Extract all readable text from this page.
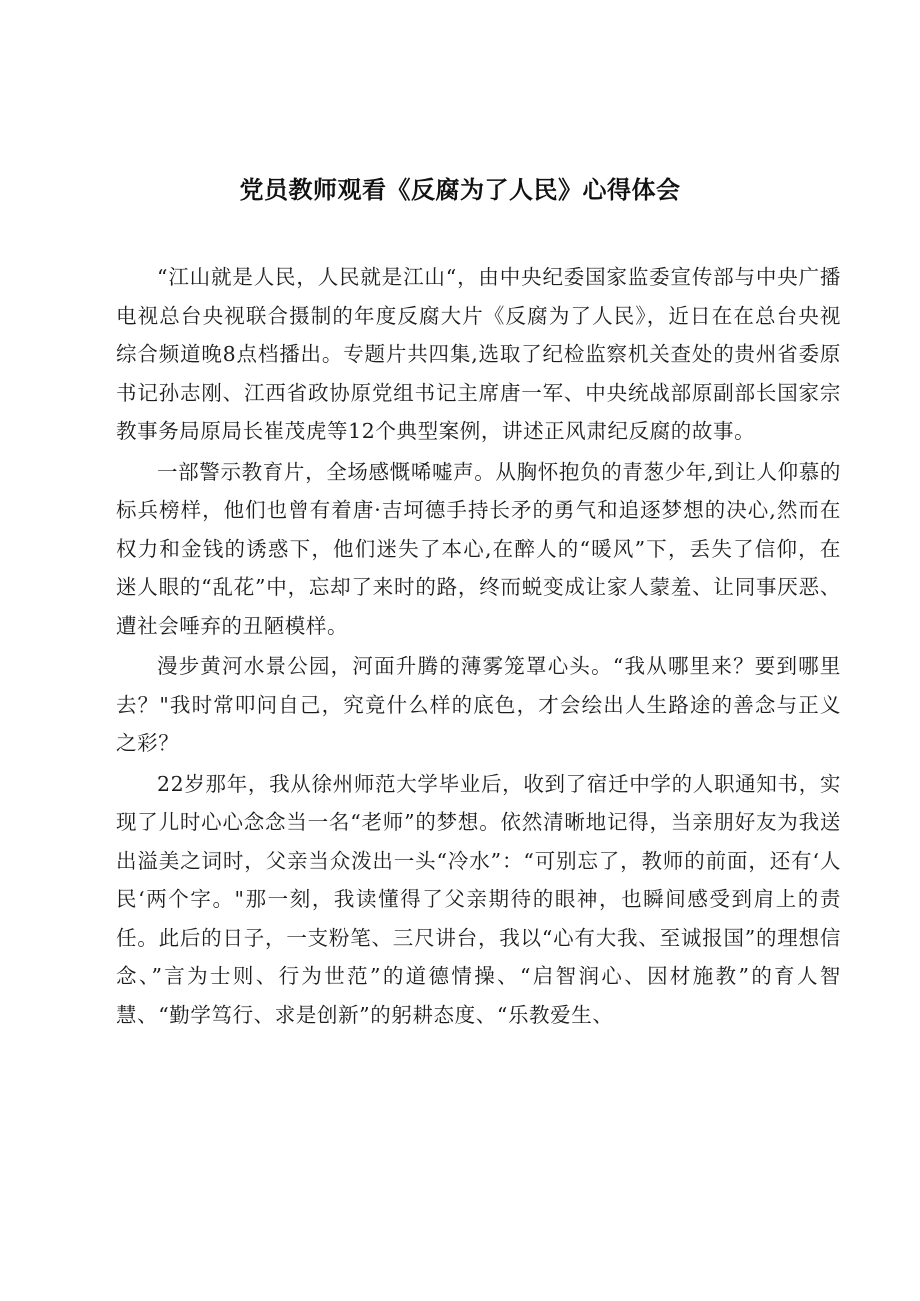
党员教师观看《反腐为了人民》心得体会

“江山就是人民，人民就是江山“，由中央纪委国家监委宣传部与中央广播电视总台央视联合摄制的年度反腐大片《反腐为了人民》，近日在在总台央视综合频道晚8点档播出。专题片共四集,选取了纪检监察机关查处的贵州省委原书记孙志刚、江西省政协原党组书记主席唐一军、中央统战部原副部长国家宗教事务局原局长崔茂虎等12个典型案例，讲述正风肃纪反腐的故事。

一部警示教育片，全场感慨唏嘘声。从胸怀抱负的青葱少年,到让人仰慕的标兵榜样，他们也曾有着唐·吉坷德手持长矛的勇气和追逐梦想的决心,然而在权力和金钱的诱惑下，他们迷失了本心,在醉人的“暖风”下，丢失了信仰，在迷人眼的“乱花”中，忘却了来时的路，终而蜕变成让家人蒙羞、让同事厌恶、遭社会唾弃的丑陋模样。

漫步黄河水景公园，河面升腾的薄雾笼罩心头。“我从哪里来？要到哪里去？"我时常叩问自己，究竟什么样的底色，才会绘出人生路途的善念与正义之彩？

22岁那年，我从徐州师范大学毕业后，收到了宿迁中学的人职通知书，实现了儿时心心念念当一名“老师”的梦想。依然清晰地记得，当亲朋好友为我送出溢美之词时，父亲当众泼出一头“冷水”：“可别忘了，教师的前面，还有‘人民‘两个字。"那一刻，我读懂得了父亲期待的眼神，也瞬间感受到肩上的责任。此后的日子，一支粉笔、三尺讲台，我以“心有大我、至诚报国”的理想信念、”言为士则、行为世范”的道德情操、“启智润心、因材施教”的育人智慧、“勤学笃行、求是创新”的躬耕态度、“乐教爱生、
